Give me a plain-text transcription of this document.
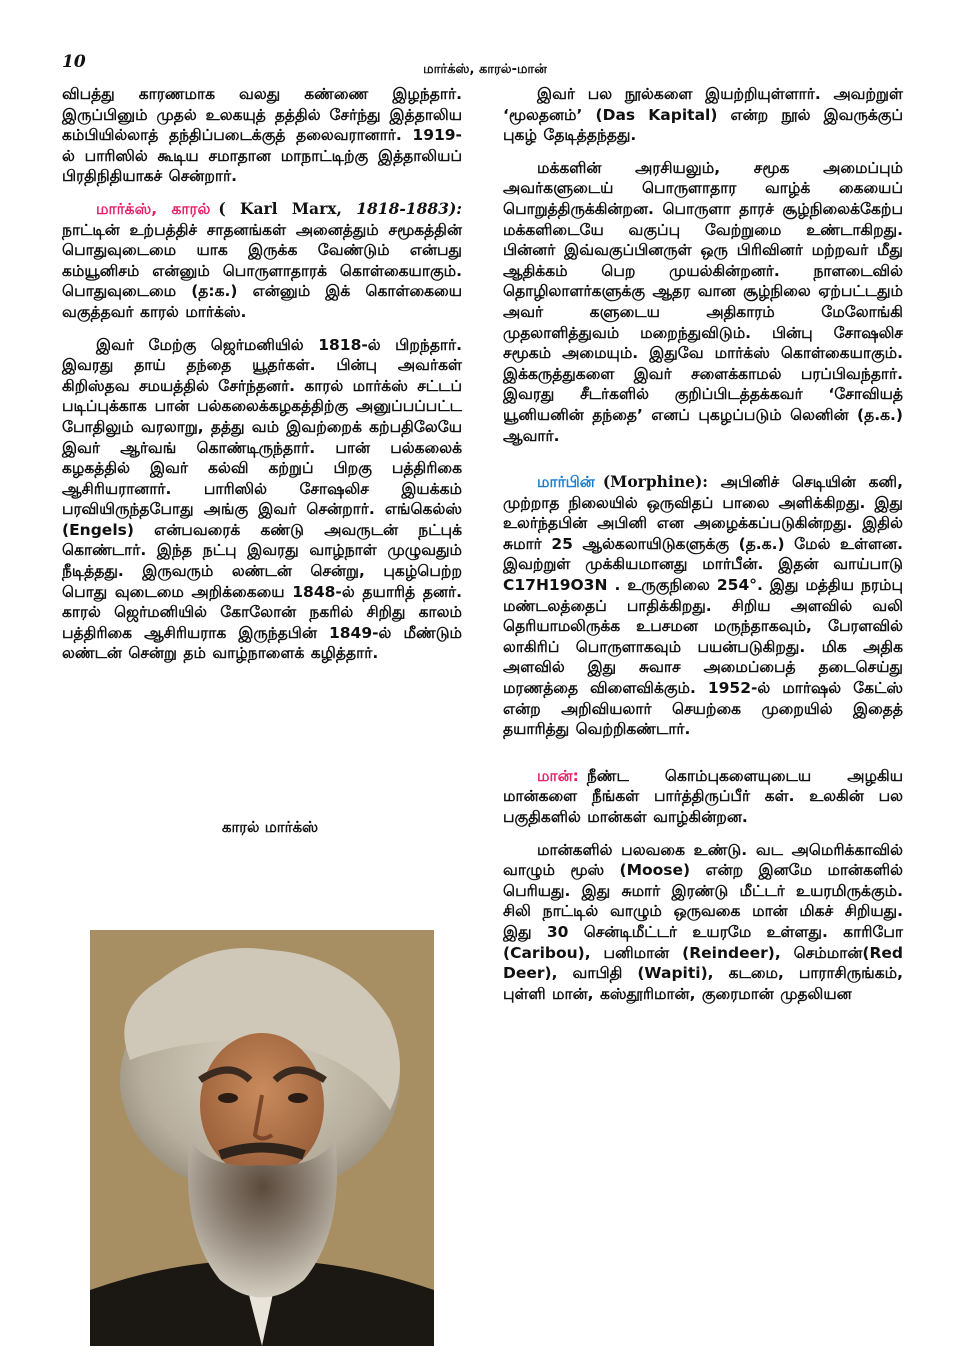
10	மார்க்ஸ், காரல்-மான்

விபத்து காரணமாக வலது கண்ணை இழந்தார். இருப்பினும் முதல் உலகயுத் தத்தில் சேர்ந்து இத்தாலிய கம்பியில்லாத் தந்திப்படைக்குத் தலைவரானார். 1919-ல் பாரிஸில் கூடிய சமாதான மாநாட்டிற்கு இத்தாலியப் பிரதிநிதியாகச் சென்றார்.

மார்க்ஸ், காரல் ( Karl Marx, 1818-1883): நாட்டின் உற்பத்திச் சாதனங்கள் அனைத்தும் சமூகத்தின் பொதுவுடைமை யாக இருக்க வேண்டும் என்பது கம்யூனிசம் என்னும் பொருளாதாரக் கொள்கையாகும். பொதுவுடைமை (த:க.) என்னும் இக் கொள்கையை வகுத்தவர் காரல் மார்க்ஸ்.

இவர் மேற்கு ஜெர்மனியில் 1818-ல் பிறந்தார். இவரது தாய் தந்தை யூதர்கள். பின்பு அவர்கள் கிறிஸ்தவ சமயத்தில் சேர்ந்தனர். காரல் மார்க்ஸ் சட்டப் படிப்புக்காக பான் பல்கலைக்கழகத்திற்கு அனுப்பப்பட்ட போதிலும் வரலாறு, தத்து வம் இவற்றைக் கற்பதிலேயே இவர் ஆர்வங் கொண்டிருந்தார். பான் பல்கலைக் கழகத்தில் இவர் கல்வி கற்றுப் பிறகு பத்திரிகை ஆசிரியரானார். பாரிஸில் சோஷலிச இயக்கம் பரவியிருந்தபோது அங்கு இவர் சென்றார். எங்கெல்ஸ் (Engels) என்பவரைக் கண்டு அவருடன் நட்புக் கொண்டார். இந்த நட்பு இவரது வாழ்நாள் முழுவதும் நீடித்தது. இருவரும் லண்டன் சென்று, புகழ்பெற்ற பொது வுடைமை அறிக்கையை 1848-ல் தயாரித் தனர். காரல் ஜெர்மனியில் கோலோன் நகரில் சிறிது காலம் பத்திரிகை ஆசிரியராக இருந்தபின் 1849-ல் மீண்டும் லண்டன் சென்று தம் வாழ்நாளைக் கழித்தார்.

காரல் மார்க்ஸ்

இவர் பல நூல்களை இயற்றியுள்ளார். அவற்றுள் ‘மூலதனம்’ (Das Kapital) என்ற நூல் இவருக்குப் புகழ் தேடித்தந்தது.

மக்களின் அரசியலும், சமூக அமைப்பும் அவர்களுடைய் பொருளாதார வாழ்க் கையைப் பொறுத்திருக்கின்றன. பொருளா தாரச் சூழ்நிலைக்கேற்ப மக்களிடையே வகுப்பு வேற்றுமை உண்டாகிறது. பின்னர் இவ்வகுப்பினருள் ஒரு பிரிவினர் மற்றவர் மீது ஆதிக்கம் பெற முயல்கின்றனர். நாளடைவில் தொழிலாளர்களுக்கு ஆதர வான சூழ்நிலை ஏற்பட்டதும் அவர் களுடைய அதிகாரம் மேலோங்கி முதலாளித்துவம் மறைந்துவிடும். பின்பு சோஷலிச சமூகம் அமையும். இதுவே மார்க்ஸ் கொள்கையாகும். இக்கருத்துகளை இவர் சளைக்காமல் பரப்பிவந்தார். இவரது சீடர்களில் குறிப்பிடத்தக்கவர் ‘சோவியத் யூனியனின் தந்தை’ எனப் புகழப்படும் லெனின் (த.க.) ஆவார்.

மார்பின் (Morphine): அபினிச் செடியின் கனி, முற்றாத நிலையில் ஒருவிதப் பாலை அளிக்கிறது. இது உலர்ந்தபின் அபினி என அழைக்கப்படுகின்றது. இதில் சுமார் 25 ஆல்கலாயிடுகளுக்கு (த.க.) மேல் உள்ளன. இவற்றுள் முக்கியமானது மார்பீன். இதன் வாய்பாடு C17H19O3N . உருகுநிலை 254°. இது மத்திய நரம்பு மண்டலத்தைப் பாதிக்கிறது. சிறிய அளவில் வலி தெரியாமலிருக்க உபசமன மருந்தாகவும், பேரளவில் லாகிரிப் பொருளாகவும் பயன்படுகிறது. மிக அதிக அளவில் இது சுவாச அமைப்பைத் தடைசெய்து மரணத்தை விளைவிக்கும். 1952-ல் மார்ஷல் கேட்ஸ் என்ற அறிவியலார் செயற்கை முறையில் இதைத் தயாரித்து வெற்றிகண்டார்.

மான்: நீண்ட கொம்புகளையுடைய அழகிய மான்களை நீங்கள் பார்த்திருப்பீர் கள். உலகின் பல பகுதிகளில் மான்கள் வாழ்கின்றன.

மான்களில் பலவகை உண்டு. வட அமெரிக்காவில் வாழும் மூஸ் (Moose) என்ற இனமே மான்களில் பெரியது. இது சுமார் இரண்டு மீட்டர் உயரமிருக்கும். சிலி நாட்டில் வாழும் ஒருவகை மான் மிகச் சிறியது. இது 30 சென்டிமீட்டர் உயரமே உள்ளது. காரிபோ (Caribou), பனிமான் (Reindeer), செம்மான்(Red Deer), வாபிதி (Wapiti), கடமை, பாராசிருங்கம், புள்ளி மான், கஸ்தூரிமான், குரைமான் முதலியன
